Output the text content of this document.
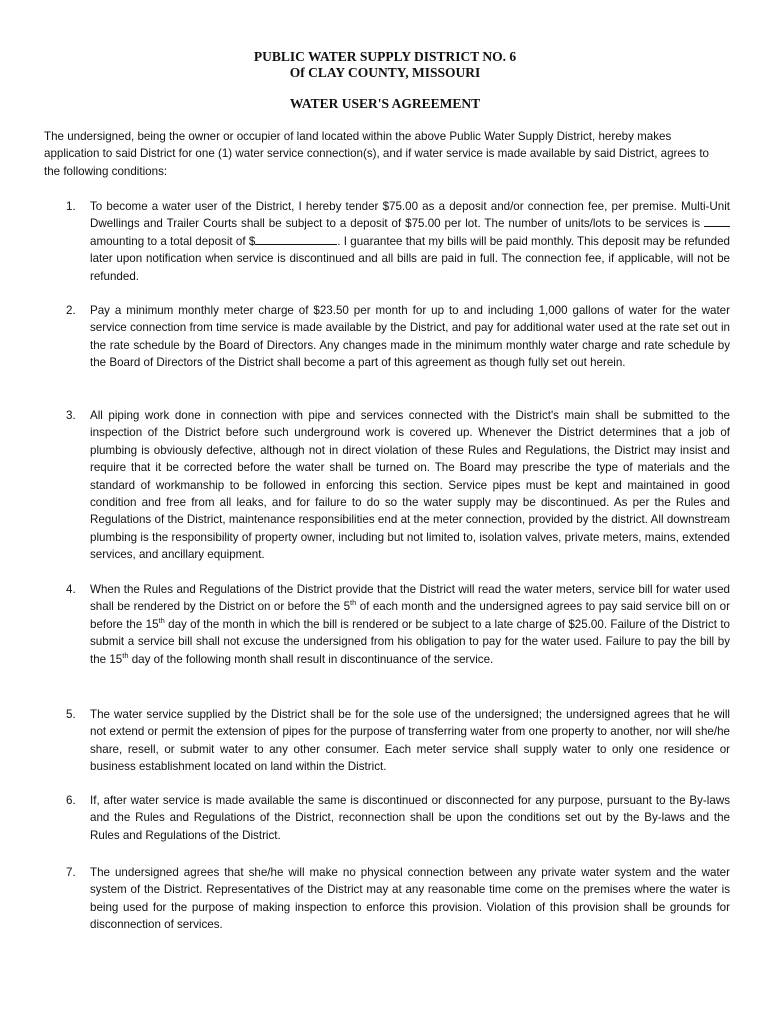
PUBLIC WATER SUPPLY DISTRICT NO. 6
Of CLAY COUNTY, MISSOURI
WATER USER'S AGREEMENT
The undersigned, being the owner or occupier of land located within the above Public Water Supply District, hereby makes application to said District for one (1) water service connection(s), and if water service is made available by said District, agrees to the following conditions:
1.	To become a water user of the District, I hereby tender $75.00 as a deposit and/or connection fee, per premise. Multi-Unit Dwellings and Trailer Courts shall be subject to a deposit of $75.00 per lot. The number of units/lots to be services is  amounting to a total deposit of $	. I guarantee that my bills will be paid monthly. This deposit may be refunded later upon notification when service is discontinued and all bills are paid in full. The connection fee, if applicable, will not be refunded.
2.	Pay a minimum monthly meter charge of $23.50 per month for up to and including 1,000 gallons of water for the water service connection from time service is made available by the District, and pay for additional water used at the rate set out in the rate schedule by the Board of Directors. Any changes made in the minimum monthly water charge and rate schedule by the Board of Directors of the District shall become a part of this agreement as though fully set out herein.
3.	All piping work done in connection with pipe and services connected with the District's main shall be submitted to the inspection of the District before such underground work is covered up. Whenever the District determines that a job of plumbing is obviously defective, although not in direct violation of these Rules and Regulations, the District may insist and require that it be corrected before the water shall be turned on. The Board may prescribe the type of materials and the standard of workmanship to be followed in enforcing this section. Service pipes must be kept and maintained in good condition and free from all leaks, and for failure to do so the water supply may be discontinued. As per the Rules and Regulations of the District, maintenance responsibilities end at the meter connection, provided by the district. All downstream plumbing is the responsibility of property owner, including but not limited to, isolation valves, private meters, mains, extended services, and ancillary equipment.
4.	When the Rules and Regulations of the District provide that the District will read the water meters, service bill for water used shall be rendered by the District on or before the 5th of each month and the undersigned agrees to pay said service bill on or before the 15th day of the month in which the bill is rendered or be subject to a late charge of $25.00. Failure of the District to submit a service bill shall not excuse the undersigned from his obligation to pay for the water used. Failure to pay the bill by the 15th day of the following month shall result in discontinuance of the service.
5.	The water service supplied by the District shall be for the sole use of the undersigned; the undersigned agrees that he will not extend or permit the extension of pipes for the purpose of transferring water from one property to another, nor will she/he share, resell, or submit water to any other consumer. Each meter service shall supply water to only one residence or business establishment located on land within the District.
6.	If, after water service is made available the same is discontinued or disconnected for any purpose, pursuant to the By-laws and the Rules and Regulations of the District, reconnection shall be upon the conditions set out by the By-laws and the Rules and Regulations of the District.
7.	The undersigned agrees that she/he will make no physical connection between any private water system and the water system of the District. Representatives of the District may at any reasonable time come on the premises where the water is being used for the purpose of making inspection to enforce this provision. Violation of this provision shall be grounds for disconnection of services.
